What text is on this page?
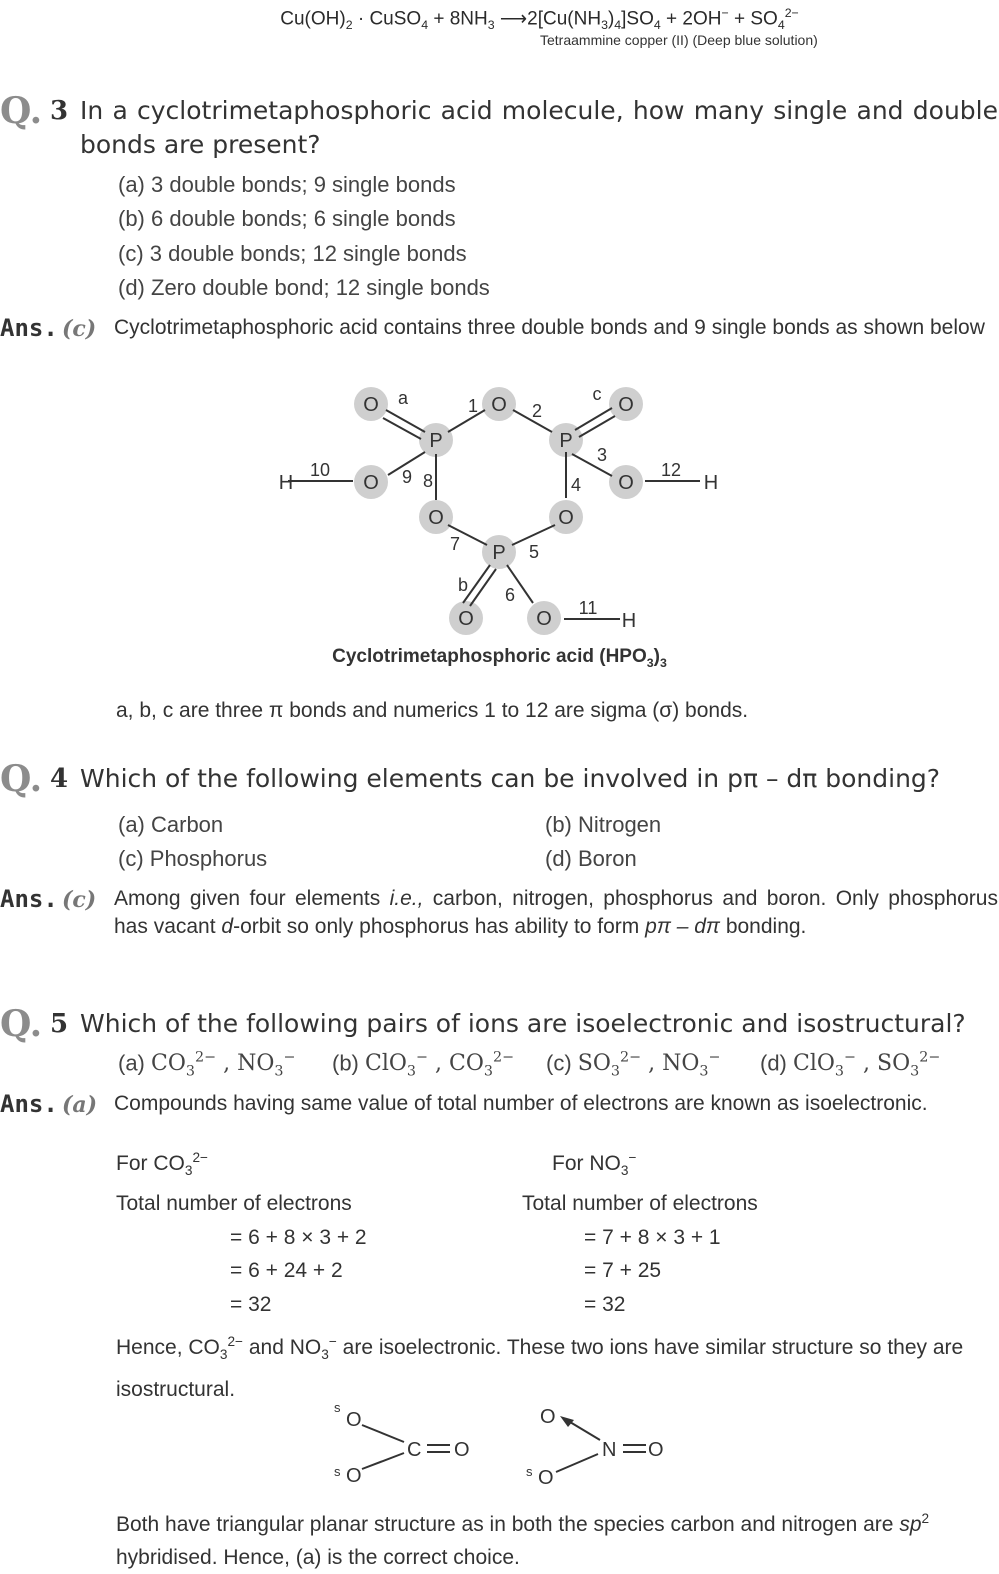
$Cu(OH)_2$ · CuSO$_4$ + $8NH_3$ $⟶2[Cu(NH_3)_4]SO_4 + 2OH^- + SO_4^{2-}$
Tetraammine copper (II) (Deep blue solution)
Q. 3 In a cyclotrimetaphosphoric acid molecule, how many single and double bonds are present?
(a) 3 double bonds; 9 single bonds
(b) 6 double bonds; 6 single bonds
(c) 3 double bonds; 12 single bonds
(d) Zero double bond; 12 single bonds
Ans. (c) Cyclotrimetaphosphoric acid contains three double bonds and 9 single bonds as shown below
O	O	O
P	P
O	O
O	O
P
O	O
H	H
H
a
b
c
1	2
3
4
5
6
7
8
9
10
11
12
Cyclotrimetaphosphoric acid $(HPO_3)_3$
a, b, c are three π bonds and numerics 1 to 12 are sigma (σ) bonds.
Q. 4 Which of the following elements can be involved in pπ – dπ bonding?
(a) Carbon	(b) Nitrogen
(c) Phosphorus	(d) Boron
Ans. (c) Among given four elements i.e., carbon, nitrogen, phosphorus and boron. Only phosphorus has vacant d-orbit so only phosphorus has ability to form pπ – dπ bonding.
Q. 5 Which of the following pairs of ions are isoelectronic and isostructural?
(a) $CO_3^{2-}$ , $NO_3^-$ (b) ClO$_3$− , $CO_3^{2-}$ (c) $SO_3^{2-}$ , $NO_3^-$ (d) ClO$_3$− , $SO_3^{2-}$
Ans. (a) Compounds having same value of total number of electrons are known as isoelectronic.
For $CO_3^{2-}$	For $NO_3^-$
Total number of electrons	Total number of electrons
= 6 + 8 × 3 + 2
= 6 + 24 + 2
= 32
= 7 + 8 × 3 + 1
= 7 + 25
= 32
Hence, $CO_3^{2-}$ and $NO_3^-$ are isoelectronic. These two ions have similar structure so they are isostructural.
O
O
C O
O
O
N O
s
s	s
Both have triangular planar structure as in both the species carbon and nitrogen are $sp^2$ hybridised. Hence, (a) is the correct choice.
